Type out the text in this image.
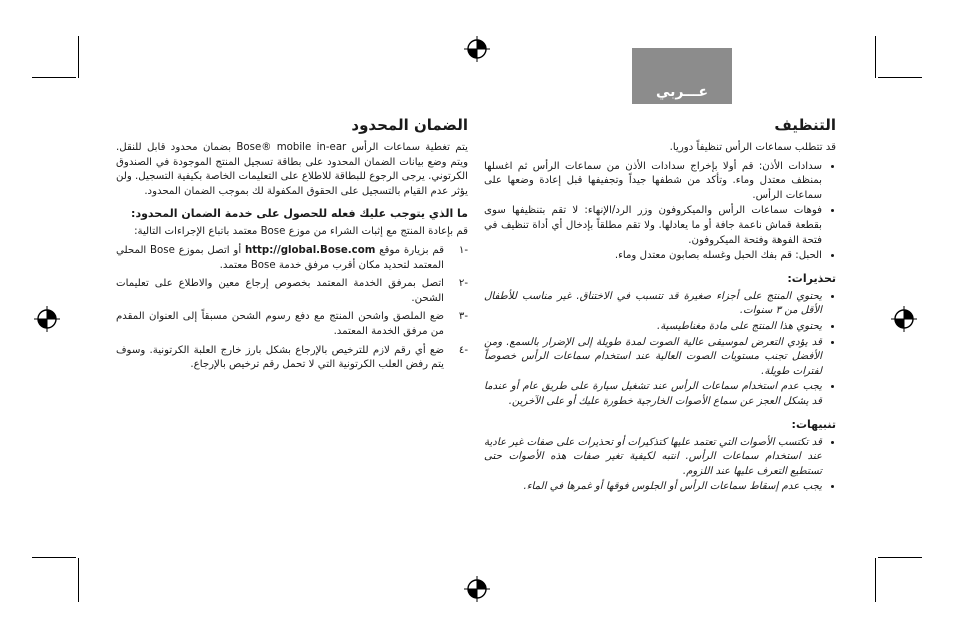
عـــربي
التنظيف

قد تتطلب سماعات الرأس تنظيفاً دوريا.

• سدادات الأذن: قم أولا بإخراج سدادات الأذن من سماعات الرأس ثم اغسلها بمنظف معتدل وماء. وتأكد من شطفها جيداً وتجفيفها قبل إعادة وضعها على سماعات الرأس.
• فوهات سماعات الرأس والميكروفون وزر الرد/الإنهاء: لا تقم بتنظيفها سوى بقطعة قماش ناعمة جافة أو ما يعادلها. ولا تقم مطلقاً بإدخال أي أداة تنظيف في فتحة الفوهة وفتحة الميكروفون.
• الحبل: قم بفك الحبل وغسله بصابون معتدل وماء.
تحذيرات:
• يحتوي المنتج على أجزاء صغيرة قد تتسبب في الاختناق. غير مناسب للأطفال الأقل من ٣ سنوات.
• يحتوي هذا المنتج على مادة مغناطيسية.
• قد يؤدي التعرض لموسيقى عالية الصوت لمدة طويلة إلى الإضرار بالسمع. ومن الأفضل تجنب مستويات الصوت العالية عند استخدام سماعات الرأس خصوصاً لفترات طويلة.
• يجب عدم استخدام سماعات الرأس عند تشغيل سيارة على طريق عام أو عندما قد يشكل العجز عن سماع الأصوات الخارجية خطورة عليك أو على الآخرين.
تنبيهات:
• قد تكتسب الأصوات التي تعتمد عليها كتذكيرات أو تحذيرات على صفات غير عادية عند استخدام سماعات الرأس. انتبه لكيفية تغير صفات هذه الأصوات حتى تستطيع التعرف عليها عند اللزوم.
• يجب عدم إسقاط سماعات الرأس أو الجلوس فوقها أو غمرها في الماء.
الضمان المحدود

يتم تغطية سماعات الرأس Bose® mobile in-ear بضمان محدود قابل للنقل. ويتم وضع بيانات الضمان المحدود على بطاقة تسجيل المنتج الموجودة في الصندوق الكرتوني. يرجى الرجوع للبطاقة للاطلاع على التعليمات الخاصة بكيفية التسجيل. ولن يؤثر عدم القيام بالتسجيل على الحقوق المكفولة لك بموجب الضمان المحدود.

ما الذي يتوجب عليك فعله للحصول على خدمة الضمان المحدود:

قم بإعادة المنتج مع إثبات الشراء من موزع Bose معتمد باتباع الإجراءات التالية:

-١
قم بزيارة موقع http://global.Bose.com أو اتصل بموزع Bose المحلي المعتمد لتحديد مكان أقرب مرفق خدمة Bose معتمد.
-٢
اتصل بمرفق الخدمة المعتمد بخصوص إرجاع معين والاطلاع على تعليمات الشحن.
-٣
ضع الملصق واشحن المنتج مع دفع رسوم الشحن مسبقاً إلى العنوان المقدم من مرفق الخدمة المعتمد.
-٤
ضع أي رقم لازم للترخيص بالإرجاع بشكل بارز خارج العلبة الكرتونية. وسوف يتم رفض العلب الكرتونية التي لا تحمل رقم ترخيص بالإرجاع.
